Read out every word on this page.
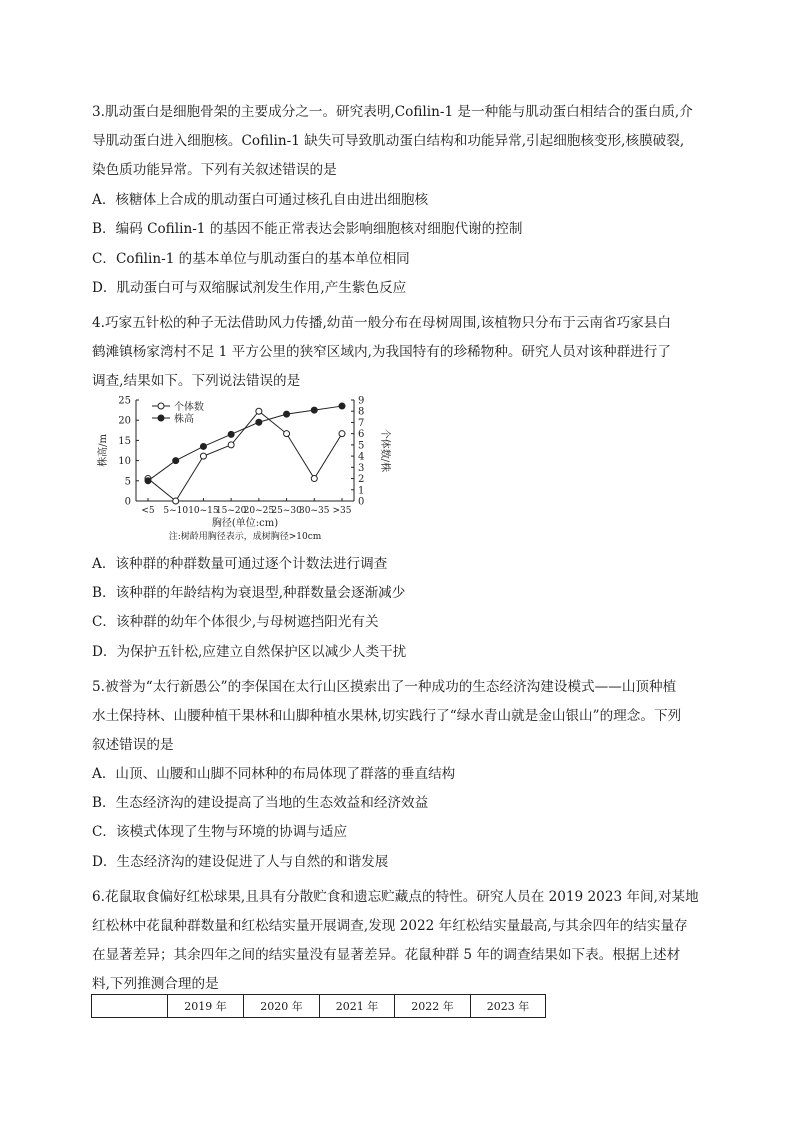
3.肌动蛋白是细胞骨架的主要成分之一。研究表明,Cofilin-1 是一种能与肌动蛋白相结合的蛋白质,介
导肌动蛋白进入细胞核。Cofilin-1 缺失可导致肌动蛋白结构和功能异常,引起细胞核变形,核膜破裂,
染色质功能异常。下列有关叙述错误的是
A．核糖体上合成的肌动蛋白可通过核孔自由进出细胞核
B．编码 Cofilin-1 的基因不能正常表达会影响细胞核对细胞代谢的控制
C．Cofilin-1 的基本单位与肌动蛋白的基本单位相同
D．肌动蛋白可与双缩脲试剂发生作用,产生紫色反应
4.巧家五针松的种子无法借助风力传播,幼苗一般分布在母树周围,该植物只分布于云南省巧家县白
鹤滩镇杨家湾村不足 1 平方公里的狭窄区域内,为我国特有的珍稀物种。研究人员对该种群进行了
调查,结果如下。下列说法错误的是
0
5
10
15
20
25
0
1
2
3
4
5
6
7
8
9
<5 5~10 10~15
15~20
20~25
25~30
30~35 >35
株高/m	个体数/株
胸径(单位:cm)
注:树龄用胸径表示，成树胸径>10cm
个体数
株高
A．该种群的种群数量可通过逐个计数法进行调查
B．该种群的年龄结构为衰退型,种群数量会逐渐减少
C．该种群的幼年个体很少,与母树遮挡阳光有关
D．为保护五针松,应建立自然保护区以减少人类干扰
5.被誉为“太行新愚公”的李保国在太行山区摸索出了一种成功的生态经济沟建设模式——山顶种植
水土保持林、山腰种植干果林和山脚种植水果林,切实践行了“绿水青山就是金山银山”的理念。下列
叙述错误的是
A．山顶、山腰和山脚不同林种的布局体现了群落的垂直结构
B．生态经济沟的建设提高了当地的生态效益和经济效益
C．该模式体现了生物与环境的协调与适应
D．生态经济沟的建设促进了人与自然的和谐发展
6.花鼠取食偏好红松球果,且具有分散贮食和遗忘贮藏点的特性。研究人员在 2019 2023 年间,对某地
红松林中花鼠种群数量和红松结实量开展调查,发现 2022 年红松结实量最高,与其余四年的结实量存
在显著差异；其余四年之间的结实量没有显著差异。花鼠种群 5 年的调查结果如下表。根据上述材
料,下列推测合理的是
	2019 年	2020 年	2021 年	2022 年	2023 年
